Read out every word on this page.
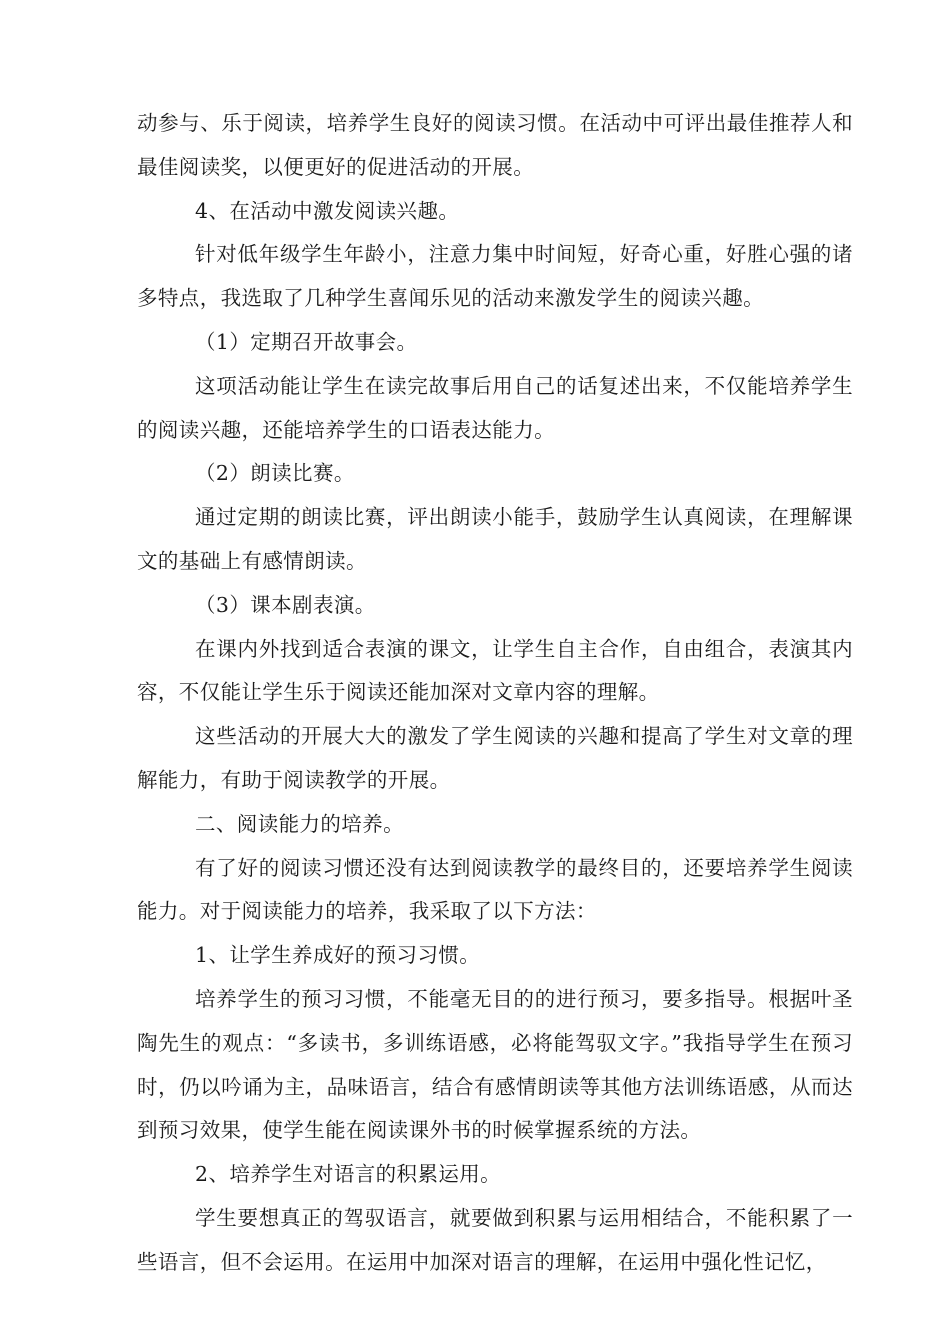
动参与、乐于阅读，培养学生良好的阅读习惯。在活动中可评出最佳推荐人和最佳阅读奖，以便更好的促进活动的开展。

4、在活动中激发阅读兴趣。

针对低年级学生年龄小，注意力集中时间短，好奇心重，好胜心强的诸多特点，我选取了几种学生喜闻乐见的活动来激发学生的阅读兴趣。

（1）定期召开故事会。

这项活动能让学生在读完故事后用自己的话复述出来，不仅能培养学生的阅读兴趣，还能培养学生的口语表达能力。

（2）朗读比赛。

通过定期的朗读比赛，评出朗读小能手，鼓励学生认真阅读，在理解课文的基础上有感情朗读。

（3）课本剧表演。

在课内外找到适合表演的课文，让学生自主合作，自由组合，表演其内容，不仅能让学生乐于阅读还能加深对文章内容的理解。

这些活动的开展大大的激发了学生阅读的兴趣和提高了学生对文章的理解能力，有助于阅读教学的开展。

二、阅读能力的培养。

有了好的阅读习惯还没有达到阅读教学的最终目的，还要培养学生阅读能力。对于阅读能力的培养，我采取了以下方法：

1、让学生养成好的预习习惯。

培养学生的预习习惯，不能毫无目的的进行预习，要多指导。根据叶圣陶先生的观点：“多读书，多训练语感，必将能驾驭文字。”我指导学生在预习时，仍以吟诵为主，品味语言，结合有感情朗读等其他方法训练语感，从而达到预习效果，使学生能在阅读课外书的时候掌握系统的方法。

2、培养学生对语言的积累运用。

学生要想真正的驾驭语言，就要做到积累与运用相结合，不能积累了一些语言，但不会运用。在运用中加深对语言的理解，在运用中强化性记忆，
